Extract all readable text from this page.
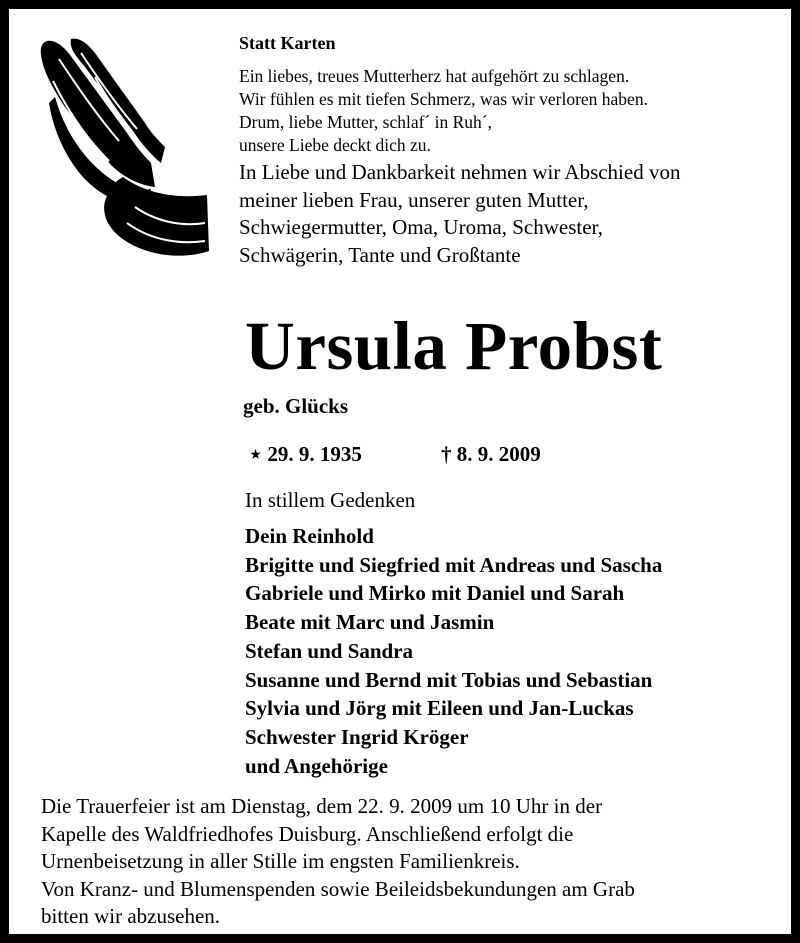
Statt Karten
Ein liebes, treues Mutterherz hat aufgehört zu schlagen.
Wir fühlen es mit tiefen Schmerz, was wir verloren haben.
Drum, liebe Mutter, schlaf´ in Ruh´,
unsere Liebe deckt dich zu.
In Liebe und Dankbarkeit nehmen wir Abschied von
meiner lieben Frau, unserer guten Mutter,
Schwiegermutter, Oma, Uroma, Schwester,
Schwägerin, Tante und Großtante
Ursula Probst
geb. Glücks
⋆ 29. 9. 1935	† 8. 9. 2009
In stillem Gedenken
Dein Reinhold
Brigitte und Siegfried mit Andreas und Sascha
Gabriele und Mirko mit Daniel und Sarah
Beate mit Marc und Jasmin
Stefan und Sandra
Susanne und Bernd mit Tobias und Sebastian
Sylvia und Jörg mit Eileen und Jan-Luckas
Schwester Ingrid Kröger
und Angehörige
Die Trauerfeier ist am Dienstag, dem 22. 9. 2009 um 10 Uhr in der
Kapelle des Waldfriedhofes Duisburg. Anschließend erfolgt die
Urnenbeisetzung in aller Stille im engsten Familienkreis.
Von Kranz- und Blumenspenden sowie Beileidsbekundungen am Grab
bitten wir abzusehen.
